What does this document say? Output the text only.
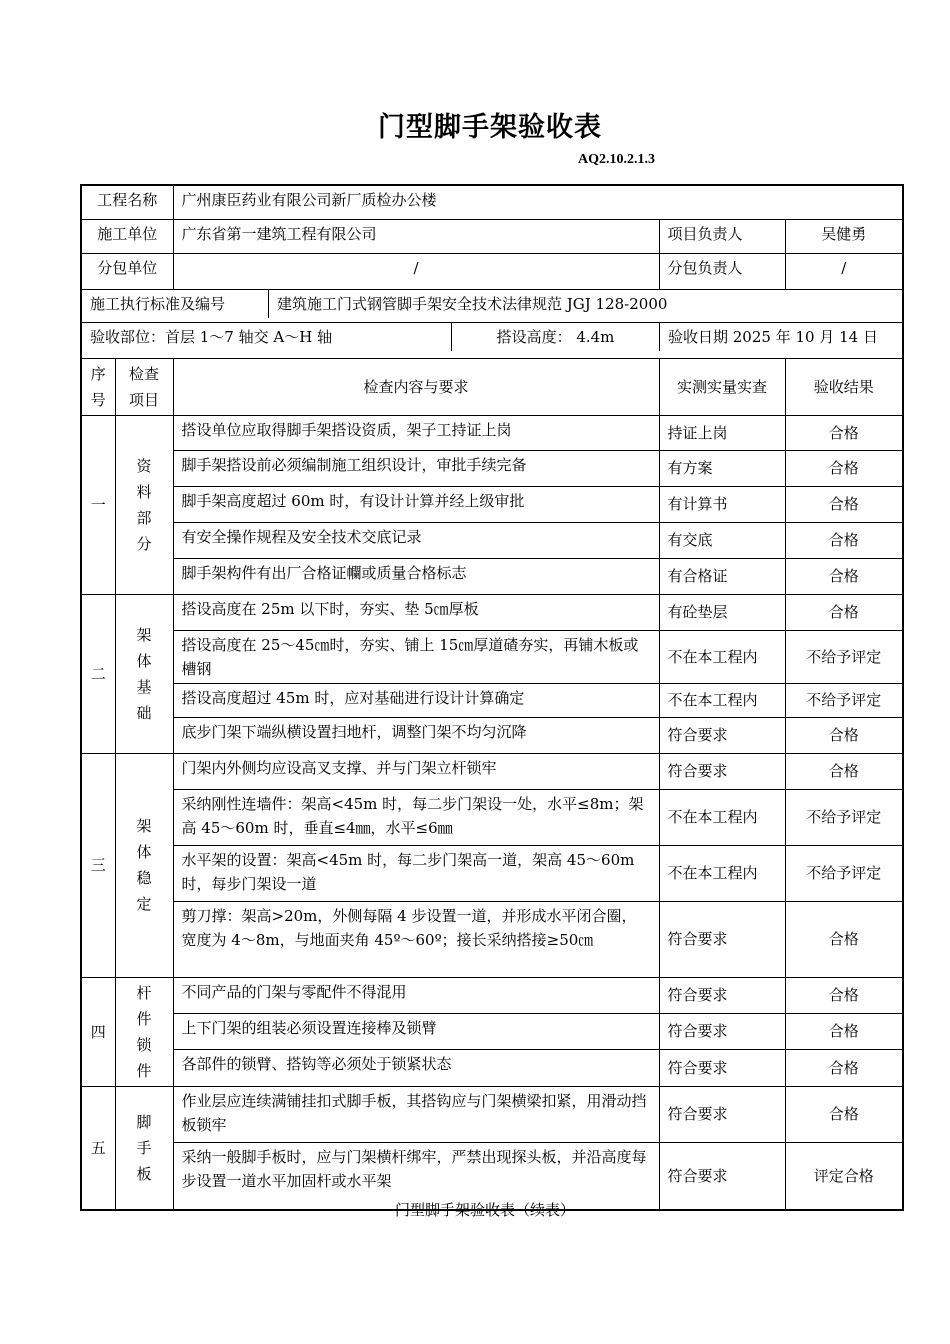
门型脚手架验收表
AQ2.10.2.1.3
工程名称	广州康臣药业有限公司新厂质检办公楼
施工单位	广东省第一建筑工程有限公司	项目负责人	吴健勇
分包单位	/	分包负责人	/

施工执行标准及编号	建筑施工门式钢管脚手架安全技术法律规范 JGJ 128-2000

验收部位：首层 1～7 轴交 A～H 轴	搭设高度： 4.4m	验收日期 2025 年 10 月 14 日

序号	检查项目	检查内容与要求	实测实量实查	验收结果
一	资料部分	搭设单位应取得脚手架搭设资质，架子工持证上岗	持证上岗	合格
脚手架搭设前必须编制施工组织设计，审批手续完备	有方案	合格
脚手架高度超过 60m 时，有设计计算并经上级审批	有计算书	合格
有安全操作规程及安全技术交底记录	有交底	合格
脚手架构件有出厂合格证幱或质量合格标志	有合格证	合格
二	架体基础	搭设高度在 25m 以下时，夯实、垫 5㎝厚板	有砼垫层	合格
搭设高度在 25～45㎝时，夯实、铺上 15㎝厚道碴夯实，再铺木板或槽钢	不在本工程内	不给予评定
搭设高度超过 45m 时，应对基础进行设计计算确定	不在本工程内	不给予评定
底步门架下端纵横设置扫地杆，调整门架不均匀沉降	符合要求	合格
三	架体稳定	门架内外侧均应设高叉支撑、并与门架立杆锁牢	符合要求	合格
采纳刚性连墙件：架高<45m 时，每二步门架设一处，水平≤8m；架高 45～60m 时，垂直≤4㎜，水平≤6㎜	不在本工程内	不给予评定
水平架的设置：架高<45m 时，每二步门架高一道，架高 45～60m 时，每步门架设一道	不在本工程内	不给予评定
剪刀撑：架高>20m，外侧每隔 4 步设置一道，并形成水平闭合圈，宽度为 4～8m，与地面夹角 45º～60º；接长采纳搭接≥50㎝	符合要求	合格
四	杆件锁件	不同产品的门架与零配件不得混用	符合要求	合格
上下门架的组装必须设置连接棒及锁臂	符合要求	合格
各部件的锁臂、搭钩等必须处于锁紧状态	符合要求	合格
五	脚手板	作业层应连续满铺挂扣式脚手板，其搭钩应与门架横梁扣紧，用滑动挡板锁牢	符合要求	合格
采纳一般脚手板时，应与门架横杆绑牢，严禁出现探头板，并沿高度每步设置一道水平加固杆或水平架	符合要求	评定合格
门型脚手架验收表（续表）
